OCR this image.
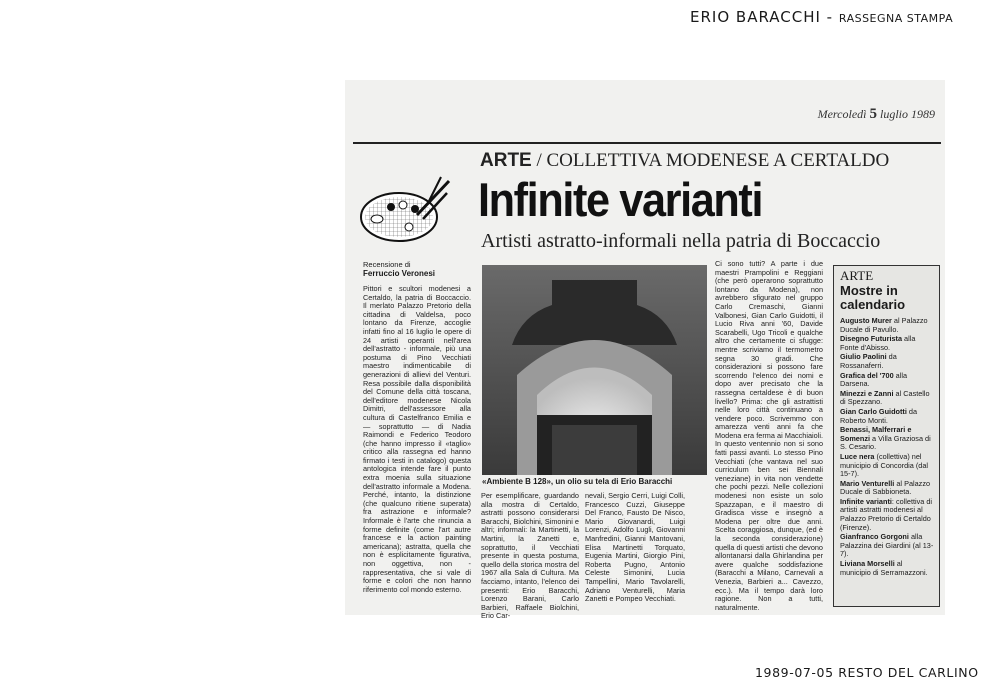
ERIO BARACCHI - RASSEGNA STAMPA
Mercoledì 5 luglio 1989
ARTE / COLLETTIVA MODENESE A CERTALDO
Infinite varianti
Artisti astratto-informali nella patria di Boccaccio
Recensione di
Ferruccio Veronesi
Pittori e scultori modenesi a Certaldo, la patria di Boccaccio. Il merlato Palazzo Pretorio della cittadina di Valdelsa, poco lontano da Firenze, accoglie infatti fino al 16 luglio le opere di 24 artisti operanti nell'area dell'astratto - informale, più una postuma di Pino Vecchiati maestro indimenticabile di generazioni di allievi del Venturi. Resa possibile dalla disponibilità del Comune della città toscana, dell'editore modenese Nicola Dimitri, dell'assessore alla cultura di Castelfranco Emilia e — soprattutto — di Nadia Raimondi e Federico Teodoro (che hanno impresso il «taglio» critico alla rassegna ed hanno firmato i testi in catalogo) questa antologica intende fare il punto extra moenia sulla situazione dell'astratto informale a Modena. Perché, intanto, la distinzione (che qualcuno ritiene superata) fra astrazione e informale? Informale è l'arte che rinuncia a forme definite (come l'art autre francese e la action painting americana); astratta, quella che non è esplicitamente figurativa, non oggettiva, non - rappresentativa, che si vale di forme e colori che non hanno riferimento col mondo esterno.
«Ambiente B 128», un olio su tela di Erio Baracchi
Per esemplificare, guardando alla mostra di Certaldo, astratti possono considerarsi Baracchi, Biolchini, Simonini e altri; informali: la Martinetti, la Martini, la Zanetti e, soprattutto, il Vecchiati presente in questa postuma, quello della storica mostra del 1967 alla Sala di Cultura. Ma facciamo, intanto, l'elenco dei presenti: Erio Baracchi, Lorenzo Barani, Carlo Barbieri, Raffaele Biolchini, Erio Car-
nevali, Sergio Cerri, Luigi Colli, Francesco Cuzzi, Giuseppe Del Franco, Fausto De Nisco, Mario Giovanardi, Luigi Lorenzi, Adolfo Lugli, Giovanni Manfredini, Gianni Mantovani, Elisa Martinetti Torquato, Eugenia Martini, Giorgio Pini, Roberta Pugno, Antonio Celeste Simonini, Lucia Tampellini, Mario Tavolarelli, Adriano Venturelli, Maria Zanetti e Pompeo Vecchiati.
Ci sono tutti? A parte i due maestri Prampolini e Reggiani (che però operarono soprattutto lontano da Modena), non avrebbero sfigurato nel gruppo Carlo Cremaschi, Gianni Valbonesi, Gian Carlo Guidotti, il Lucio Riva anni '60, Davide Scarabelli, Ugo Tricoli e qualche altro che certamente ci sfugge: mentre scriviamo il termometro segna 30 gradi. Che considerazioni si possono fare scorrendo l'elenco dei nomi e dopo aver precisato che la rassegna certaldese è di buon livello? Prima: che gli astrattisti nelle loro città continuano a vendere poco. Scrivemmo con amarezza venti anni fa che Modena era ferma ai Macchiaioli. In questo ventennio non si sono fatti passi avanti. Lo stesso Pino Vecchiati (che vantava nel suo curriculum ben sei Biennali veneziane) in vita non vendette che pochi pezzi. Nelle collezioni modenesi non esiste un solo Spazzapan, e il maestro di Gradisca visse e insegnò a Modena per oltre due anni. Scelta coraggiosa, dunque, (ed è la seconda considerazione) quella di questi artisti che devono allontanarsi dalla Ghirlandina per avere qualche soddisfazione (Baracchi a Milano, Carnevali a Venezia, Barbieri a... Cavezzo, ecc.). Ma il tempo darà loro ragione. Non a tutti, naturalmente.
ARTE
Mostre in calendario
Augusto Murer al Palazzo Ducale di Pavullo.
Disegno Futurista alla Fonte d'Abisso.
Giulio Paolini da Rossanaferri.
Grafica del '700 alla Darsena.
Minezzi e Zanni al Castello di Spezzano.
Gian Carlo Guidotti da Roberto Monti.
Benassi, Malferrari e Somenzi a Villa Graziosa di S. Cesario.
Luce nera (collettiva) nel municipio di Concordia (dal 15-7).
Mario Venturelli al Palazzo Ducale di Sabbioneta.
Infinite varianti: collettiva di artisti astratti modenesi al Palazzo Pretorio di Certaldo (Firenze).
Gianfranco Gorgoni alla Palazzina dei Giardini (al 13-7).
Liviana Morselli al municipio di Serramazzoni.
1989-07-05 RESTO DEL CARLINO
